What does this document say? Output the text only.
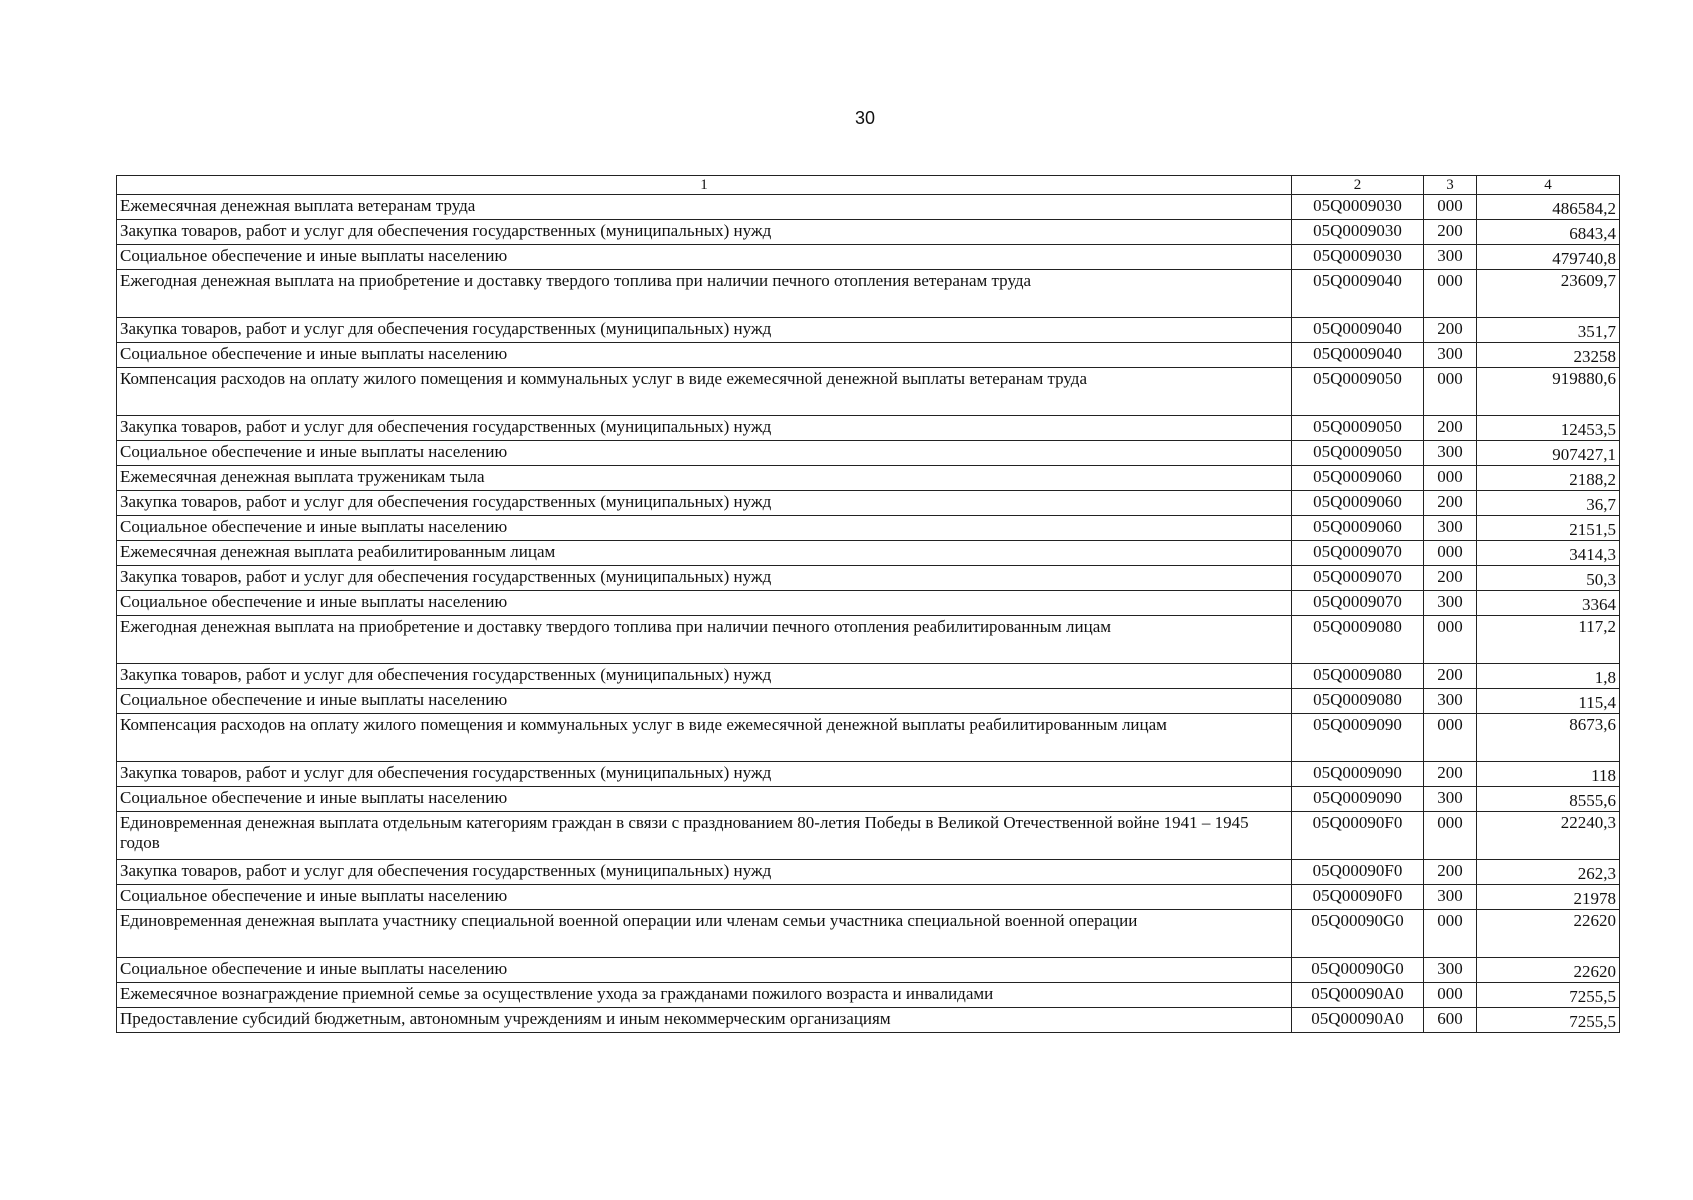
30
1	2	3	4
Ежемесячная денежная выплата ветеранам труда	05Q0009030	000	486584,2
Закупка товаров, работ и услуг для обеспечения государственных (муниципальных) нужд	05Q0009030	200	6843,4
Социальное обеспечение и иные выплаты населению	05Q0009030	300	479740,8
Ежегодная денежная выплата на приобретение и доставку твердого топлива при наличии печного отопления ветеранам труда	05Q0009040	000	23609,7
Закупка товаров, работ и услуг для обеспечения государственных (муниципальных) нужд	05Q0009040	200	351,7
Социальное обеспечение и иные выплаты населению	05Q0009040	300	23258
Компенсация расходов на оплату жилого помещения и коммунальных услуг в виде ежемесячной денежной выплаты ветеранам труда	05Q0009050	000	919880,6
Закупка товаров, работ и услуг для обеспечения государственных (муниципальных) нужд	05Q0009050	200	12453,5
Социальное обеспечение и иные выплаты населению	05Q0009050	300	907427,1
Ежемесячная денежная выплата труженикам тыла	05Q0009060	000	2188,2
Закупка товаров, работ и услуг для обеспечения государственных (муниципальных) нужд	05Q0009060	200	36,7
Социальное обеспечение и иные выплаты населению	05Q0009060	300	2151,5
Ежемесячная денежная выплата реабилитированным лицам	05Q0009070	000	3414,3
Закупка товаров, работ и услуг для обеспечения государственных (муниципальных) нужд	05Q0009070	200	50,3
Социальное обеспечение и иные выплаты населению	05Q0009070	300	3364
Ежегодная денежная выплата на приобретение и доставку твердого топлива при наличии печного отопления реабилитированным лицам	05Q0009080	000	117,2
Закупка товаров, работ и услуг для обеспечения государственных (муниципальных) нужд	05Q0009080	200	1,8
Социальное обеспечение и иные выплаты населению	05Q0009080	300	115,4
Компенсация расходов на оплату жилого помещения и коммунальных услуг в виде ежемесячной денежной выплаты реабилитированным лицам	05Q0009090	000	8673,6
Закупка товаров, работ и услуг для обеспечения государственных (муниципальных) нужд	05Q0009090	200	118
Социальное обеспечение и иные выплаты населению	05Q0009090	300	8555,6
Единовременная денежная выплата отдельным категориям граждан в связи с празднованием 80-летия Победы в Великой Отечественной войне 1941 – 1945 годов	05Q00090F0	000	22240,3
Закупка товаров, работ и услуг для обеспечения государственных (муниципальных) нужд	05Q00090F0	200	262,3
Социальное обеспечение и иные выплаты населению	05Q00090F0	300	21978
Единовременная денежная выплата участнику специальной военной операции или членам семьи участника специальной военной операции	05Q00090G0	000	22620
Социальное обеспечение и иные выплаты населению	05Q00090G0	300	22620
Ежемесячное вознаграждение приемной семье за осуществление ухода за гражданами пожилого возраста и инвалидами	05Q00090A0	000	7255,5
Предоставление субсидий бюджетным, автономным учреждениям и иным некоммерческим организациям	05Q00090A0	600	7255,5
